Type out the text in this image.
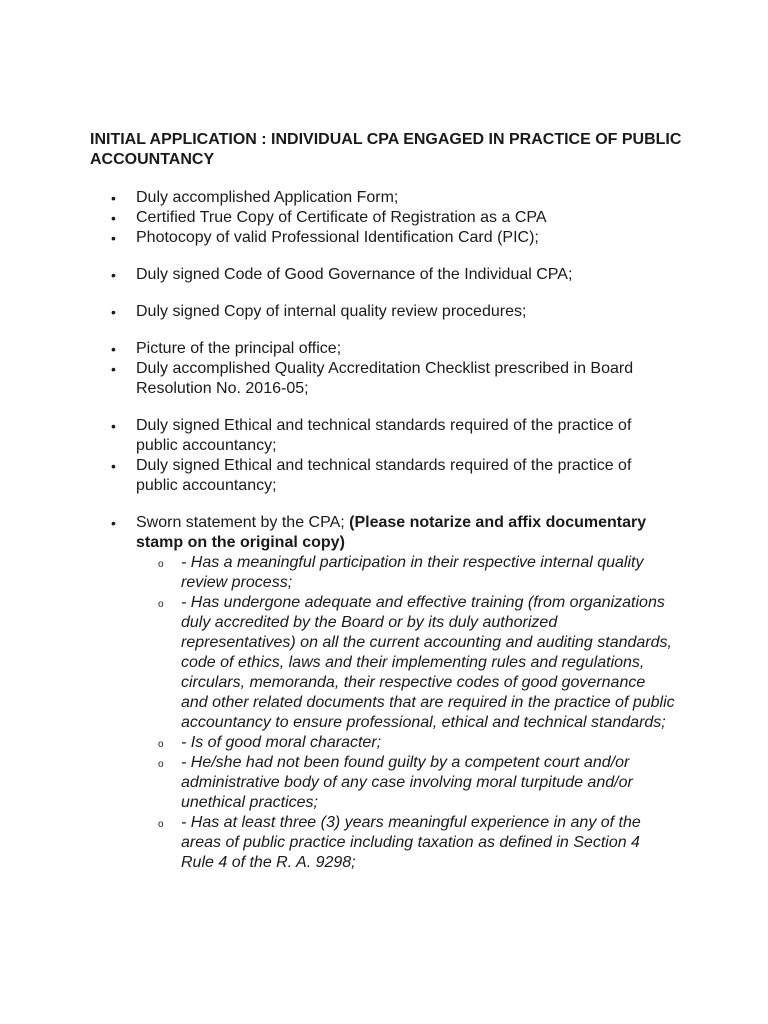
INITIAL APPLICATION : INDIVIDUAL CPA ENGAGED IN PRACTICE OF PUBLIC ACCOUNTANCY
• Duly accomplished Application Form;
• Certified True Copy of Certificate of Registration as a CPA
• Photocopy of valid Professional Identification Card (PIC);
• Duly signed Code of Good Governance of the Individual CPA;
• Duly signed Copy of internal quality review procedures;
• Picture of the principal office;
• Duly accomplished Quality Accreditation Checklist prescribed in Board Resolution No. 2016-05;
• Duly signed Ethical and technical standards required of the practice of public accountancy;
• Duly signed Ethical and technical standards required of the practice of public accountancy;
• Sworn statement by the CPA; (Please notarize and affix documentary stamp on the original copy)
o - Has a meaningful participation in their respective internal quality review process;
o - Has undergone adequate and effective training (from organizations duly accredited by the Board or by its duly authorized representatives) on all the current accounting and auditing standards, code of ethics, laws and their implementing rules and regulations, circulars, memoranda, their respective codes of good governance and other related documents that are required in the practice of public accountancy to ensure professional, ethical and technical standards;
o - Is of good moral character;
o - He/she had not been found guilty by a competent court and/or administrative body of any case involving moral turpitude and/or unethical practices;
o - Has at least three (3) years meaningful experience in any of the areas of public practice including taxation as defined in Section 4 Rule 4 of the R. A. 9298;
